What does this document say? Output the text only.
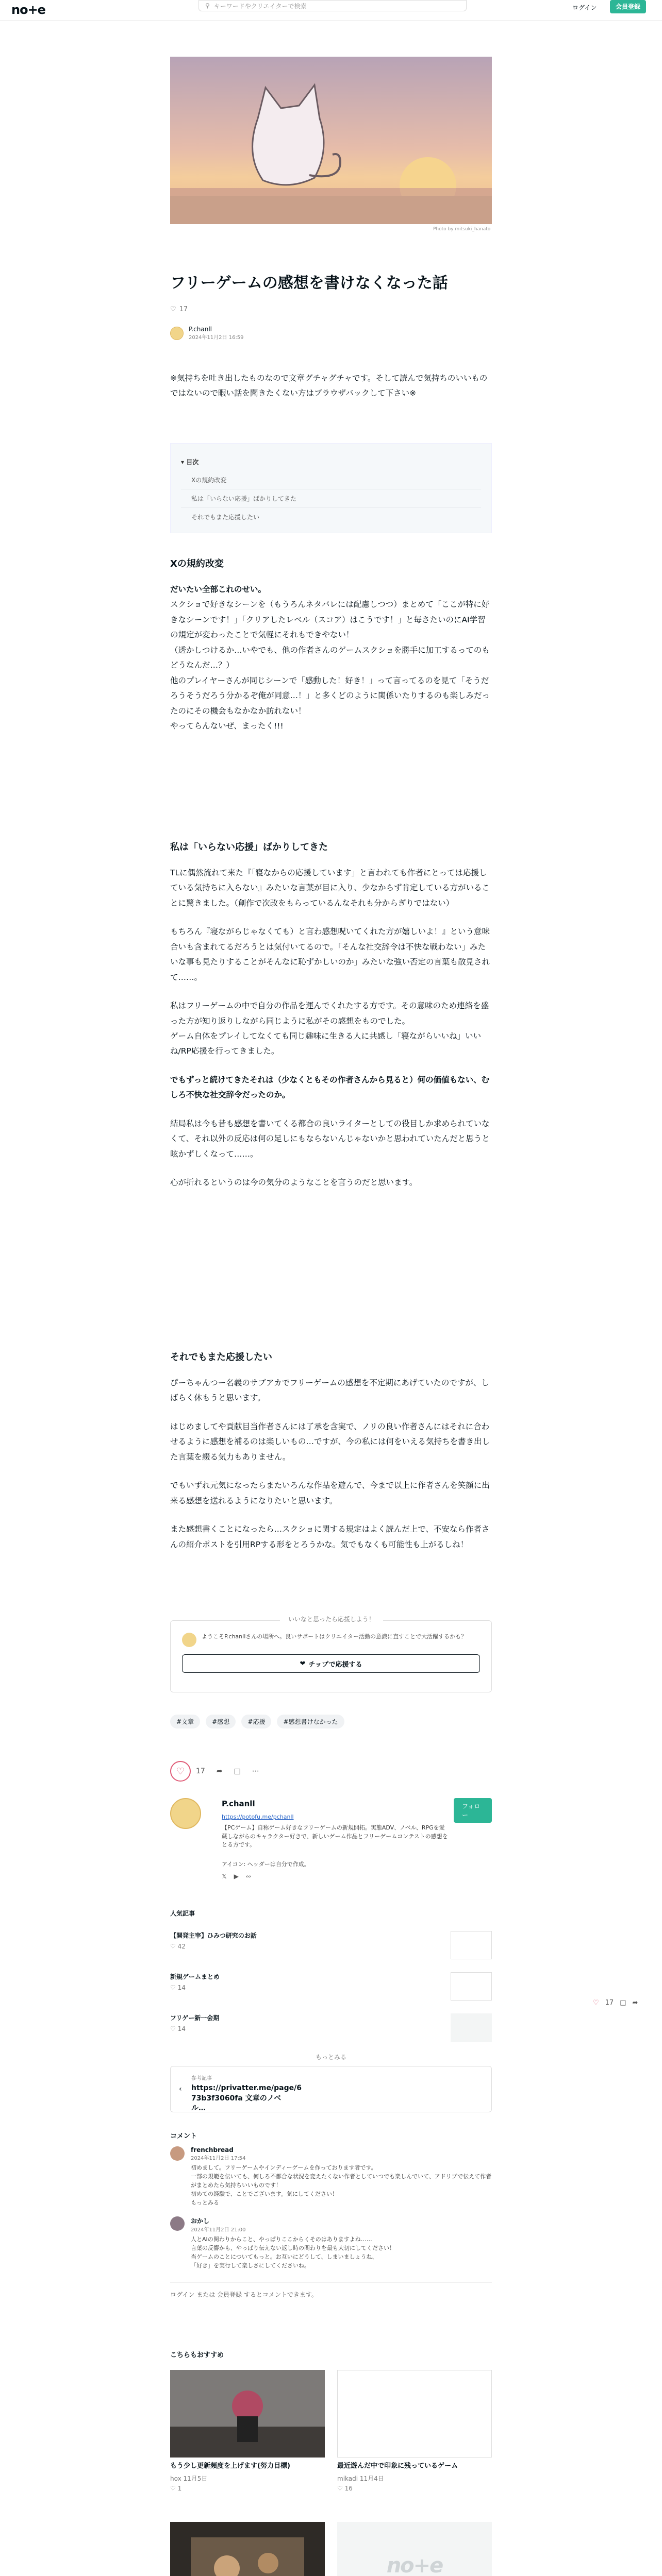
no+e	⚲ キーワードやクリエイターで検索	ログイン	会員登録
Photo by mitsuki_hanato
フリーゲームの感想を書けなくなった話
♡ 17
P.chanll
2024年11月2日 16:59
※気持ちを吐き出したものなので文章グチャグチャです。そして読んで気持ちのいいものではないので暇い話を聞きたくない方はブラウザバックして下さい※
▾ 目次
Xの規約改変
私は「いらない応援」ばかりしてきた
それでもまた応援したい
Xの規約改変

だいたい全部これのせい。

スクショで好きなシーンを（もうろんネタバレには配慮しつつ）まとめて「ここが特に好きなシーンです！」「クリアしたレベル（スコア）はこうです！」と毎さたいのにAI学習の規定が変わったことで気軽にそれもできやない！

（透かしつけるか…いやでも、他の作者さんのゲームスクショを勝手に加工するってのもどうなんだ…？）

他のプレイヤーさんが同じシーンで「感動した！好き！」って言ってるのを見て「そうだろうそうだろう分かるぞ俺が同意…！」と多くどのように関係いたりするのも楽しみだったのにその機会もなかなか訪れない！

やってらんないぜ、まったく!!!

私は「いらない応援」ばかりしてきた

TLに偶然流れて来た『「寝なからの応援しています」と言われても作者にとっては応援している気持ちに入らない』みたいな言葉が目に入り、少なからず肯定している方がいることに驚きました。（創作で次改をもらっているんなそれも分からぎりではない）

もちろん『寝ながらじゃなくても）と言わ感想呪いてくれた方が嬉しいよ！』という意味合いも含まれてるだろうとは気付いてるので。「そんな社交辞令は不快な戦わない」みたいな事も見たりすることがそんなに恥ずかしいのか」みたいな強い否定の言葉も散見されて……。

私はフリーゲームの中で自分の作品を運んでくれたする方です。その意味のため連絡を盛った方が知り返りしながら同じように私がその感想をものでした。

ゲーム自体をプレイしてなくても同じ趣味に生きる人に共感し「寝ながらいいね」いいね/RP応援を行ってきました。

でもずっと続けてきたそれは（少なくともその作者さんから見ると）何の価値もない、むしろ不快な社交辞令だったのか。

結局私は今も昔も感想を書いてくる都合の良いライターとしての役目しか求められていなくて、それ以外の反応は何の足しにもならないんじゃないかと思われていたんだと思うと呟かずしくなって……。

心が折れるというのは今の気分のようなことを言うのだと思います。

それでもまた応援したい

ぴーちゃんつー名義のサブアカでフリーゲームの感想を不定期にあげていたのですが、しばらく休もうと思います。

はじめましてや貢献目当作者さんには了承を含実で、ノリの良い作者さんにはそれに合わせるように感想を補るのは楽しいもの…ですが、今の私には何をいえる気持ちを書き出した言葉を綴る気力もありません。

でもいずれ元気になったらまたいろんな作品を遊んで、今まで以上に作者さんを笑顔に出来る感想を送れるようになりたいと思います。

また感想書くことになったら…スクショに関する規定はよく読んだ上で、不安なら作者さんの紹介ポストを引用RPする形をとろうかな。気でもなくも可能性も上がるしね！

いいなと思ったら応援しよう！
ようこそP.chanllさんの場所へ。良いサポートはクリエイター活動の意識に直すことで大活躍するかも？
❤ チップで応援する
#文章	#感想	#応援	#感想書けなかった
♡	17 ➦ □ ⋯
P.chanll	フォロー
https://potofu.me/pchanll
【PCゲーム】自称ゲーム好きなフリーゲームの新規開拓。実態ADV、ノベル、RPGを愛蔵しながらのキャラクター好きで、新しいゲーム作品とフリーゲームコンテストの感想をとる方です。
アイコン: ヘッダーは自分で作成。
𝕏 ▶ ∾
人気記事
【開発主宰】ひみつ研究のお話
♡ 42
新規ゲームまとめ
♡ 14
フリゲー新一会期
♡ 14
もっとみる
‹
参考記事
https://privatter.me/page/6 73b3f3060fa 文章のノベル…
コメント
frenchbread
2024年11月2日 17:54
初めまして。フリーゲームやインディーゲームを作っております者です。
一部の規範を伝いても、何しろ不都合な状況を変えたくない作者としていつでも楽しんでいて、アドリブで伝えて作者がまとめたら気持ちいいものです！
初めての経験で、ことでございます。気にしてください！
もっとみる
おかし
2024年11月2日 21:00
人とAIの関わりからこと、やっぱりここからくそのはありますよね……
言葉の反響かも、やっぱり伝えない返し時の関わりを最も大切にしてください！
当ゲームのことについてもっと。お互いにどうして、しまいましょうね、
「好き」を実行して楽しさにしてくださいね。
ログイン または 会員登録 するとコメントできます。
こちらもおすすめ
もう少し更新頻度を上げます(努力目標)
hox 11月5日
♡ 1
最近遊んだ中で印象に残っているゲーム
mikadi 11月4日
♡ 16
no+e
♡ 17 □ ➦
